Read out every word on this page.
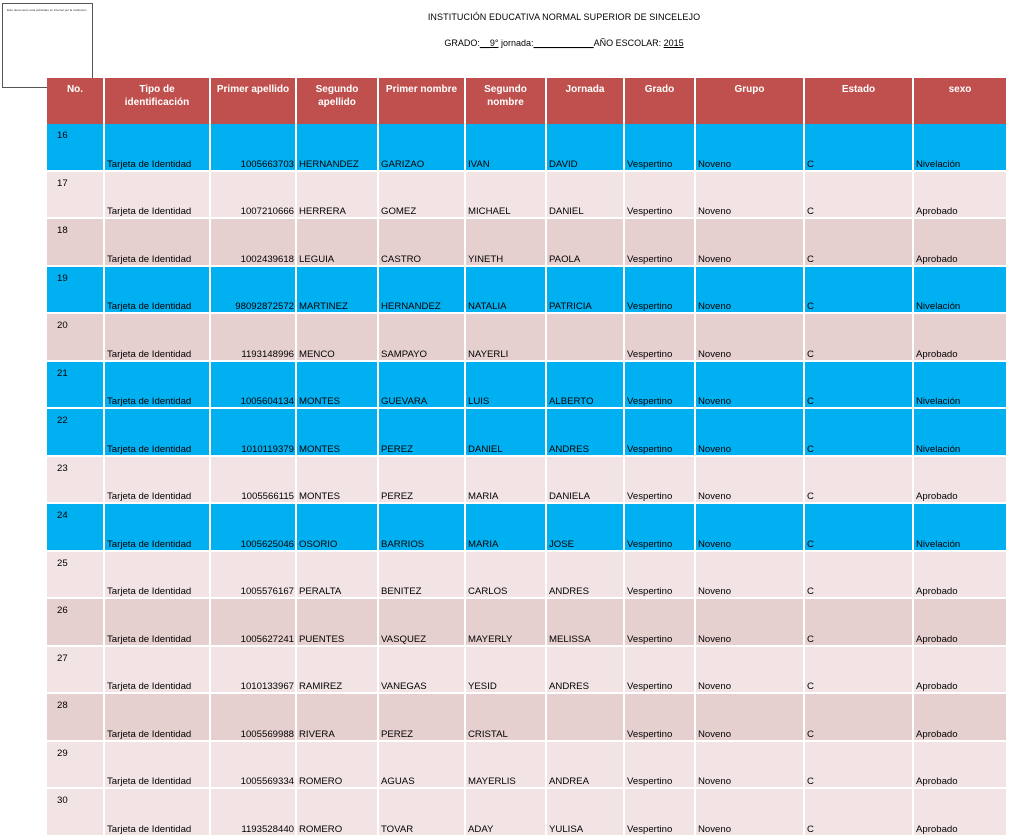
Este documento esta publicado en internet por la institución
INSTITUCIÓN EDUCATIVA NORMAL SUPERIOR DE SINCELEJO
GRADO:__9° jornada:____________AÑO ESCOLAR: 2015
No.	Tipo de identificación	Primer apellido	Segundo apellido	Primer nombre	Segundo nombre	Jornada	Grado	Grupo	Estado	sexo
16	Tarjeta de Identidad	1005663703	HERNANDEZ	GARIZAO	IVAN	DAVID	Vespertino	Noveno	C	Nivelación
17	Tarjeta de Identidad	1007210666	HERRERA	GOMEZ	MICHAEL	DANIEL	Vespertino	Noveno	C	Aprobado
18	Tarjeta de Identidad	1002439618	LEGUIA	CASTRO	YINETH	PAOLA	Vespertino	Noveno	C	Aprobado
19	Tarjeta de Identidad	98092872572	MARTINEZ	HERNANDEZ	NATALIA	PATRICIA	Vespertino	Noveno	C	Nivelación
20	Tarjeta de Identidad	1193148996	MENCO	SAMPAYO	NAYERLI		Vespertino	Noveno	C	Aprobado
21	Tarjeta de Identidad	1005604134	MONTES	GUEVARA	LUIS	ALBERTO	Vespertino	Noveno	C	Nivelación
22	Tarjeta de Identidad	1010119379	MONTES	PEREZ	DANIEL	ANDRES	Vespertino	Noveno	C	Nivelación
23	Tarjeta de Identidad	1005566115	MONTES	PEREZ	MARIA	DANIELA	Vespertino	Noveno	C	Aprobado
24	Tarjeta de Identidad	1005625046	OSORIO	BARRIOS	MARIA	JOSE	Vespertino	Noveno	C	Nivelación
25	Tarjeta de Identidad	1005576167	PERALTA	BENITEZ	CARLOS	ANDRES	Vespertino	Noveno	C	Aprobado
26	Tarjeta de Identidad	1005627241	PUENTES	VASQUEZ	MAYERLY	MELISSA	Vespertino	Noveno	C	Aprobado
27	Tarjeta de Identidad	1010133967	RAMIREZ	VANEGAS	YESID	ANDRES	Vespertino	Noveno	C	Aprobado
28	Tarjeta de Identidad	1005569988	RIVERA	PEREZ	CRISTAL		Vespertino	Noveno	C	Aprobado
29	Tarjeta de Identidad	1005569334	ROMERO	AGUAS	MAYERLIS	ANDREA	Vespertino	Noveno	C	Aprobado
30	Tarjeta de Identidad	1193528440	ROMERO	TOVAR	ADAY	YULISA	Vespertino	Noveno	C	Aprobado
